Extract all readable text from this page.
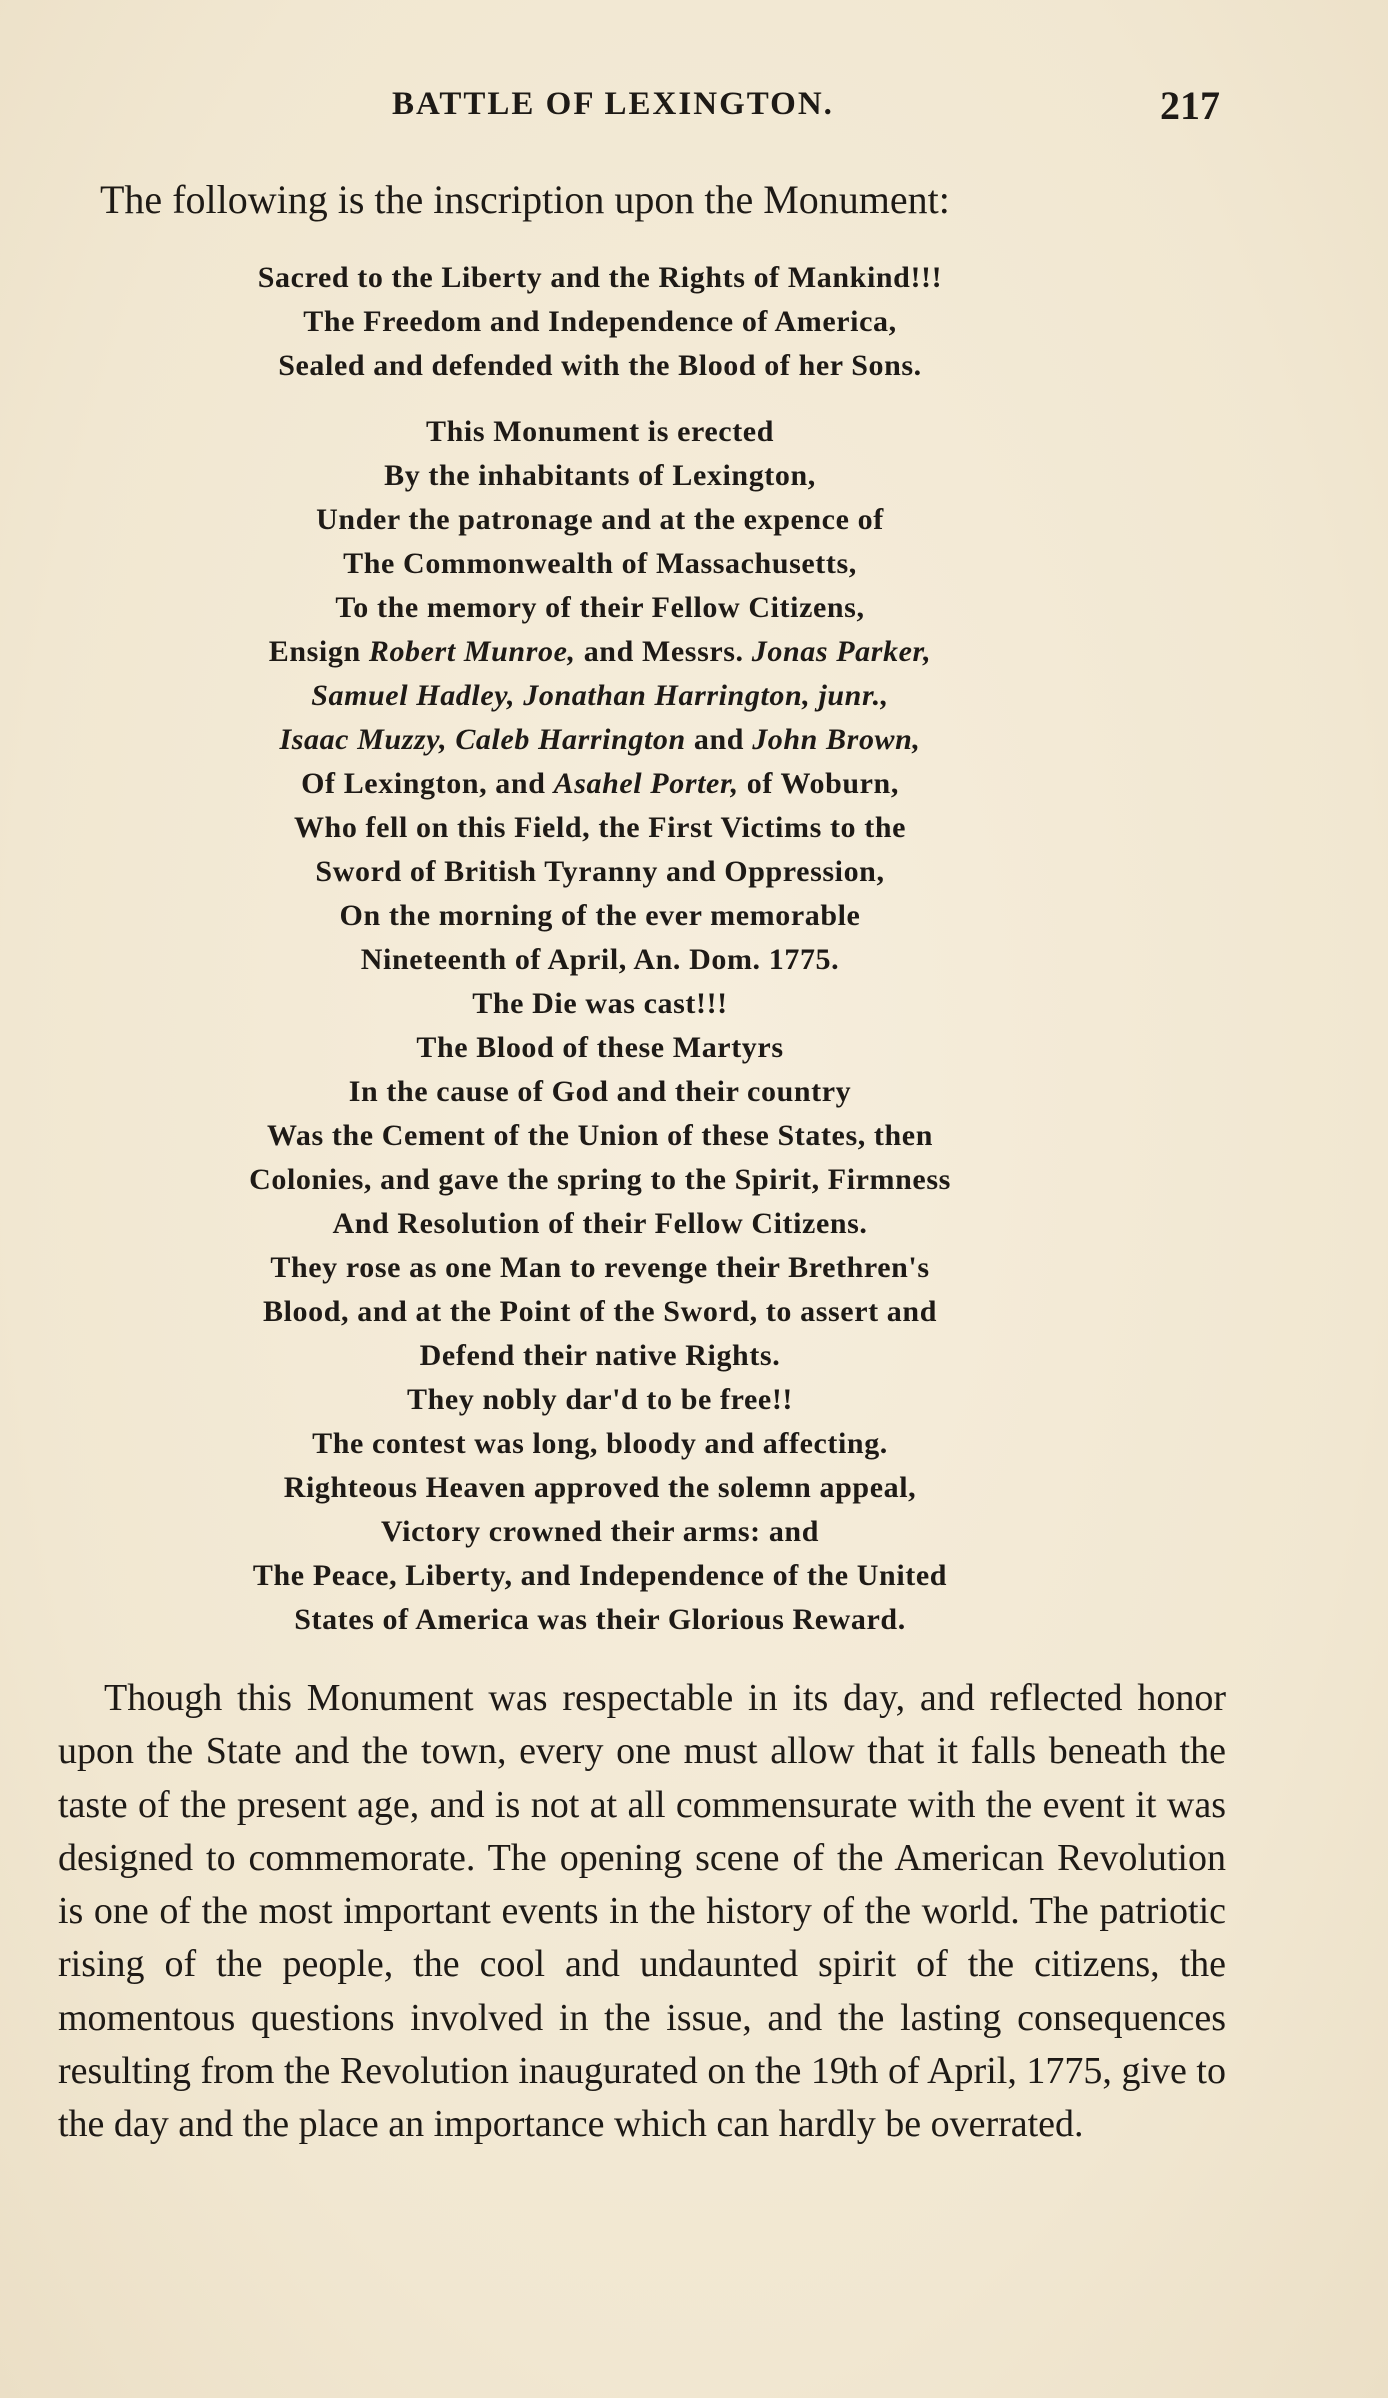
BATTLE OF LEXINGTON.	217
The following is the inscription upon the Monument:
Sacred to the Liberty and the Rights of Mankind!!!
The Freedom and Independence of America,
Sealed and defended with the Blood of her Sons.
This Monument is erected
By the inhabitants of Lexington,
Under the patronage and at the expence of
The Commonwealth of Massachusetts,
To the memory of their Fellow Citizens,
Ensign Robert Munroe, and Messrs. Jonas Parker,
Samuel Hadley, Jonathan Harrington, junr.,
Isaac Muzzy, Caleb Harrington and John Brown,
Of Lexington, and Asahel Porter, of Woburn,
Who fell on this Field, the First Victims to the
Sword of British Tyranny and Oppression,
On the morning of the ever memorable
Nineteenth of April, An. Dom. 1775.
The Die was cast!!!
The Blood of these Martyrs
In the cause of God and their country
Was the Cement of the Union of these States, then
Colonies, and gave the spring to the Spirit, Firmness
And Resolution of their Fellow Citizens.
They rose as one Man to revenge their Brethren's
Blood, and at the Point of the Sword, to assert and
Defend their native Rights.
They nobly dar'd to be free!!
The contest was long, bloody and affecting.
Righteous Heaven approved the solemn appeal,
Victory crowned their arms: and
The Peace, Liberty, and Independence of the United
States of America was their Glorious Reward.

Though this Monument was respectable in its day, and reflected honor upon the State and the town, every one must allow that it falls beneath the taste of the present age, and is not at all commensurate with the event it was designed to commemorate. The opening scene of the American Revolution is one of the most important events in the history of the world. The patriotic rising of the people, the cool and undaunted spirit of the citizens, the momentous questions involved in the issue, and the lasting consequences resulting from the Revolution inaugurated on the 19th of April, 1775, give to the day and the place an importance which can hardly be overrated.
